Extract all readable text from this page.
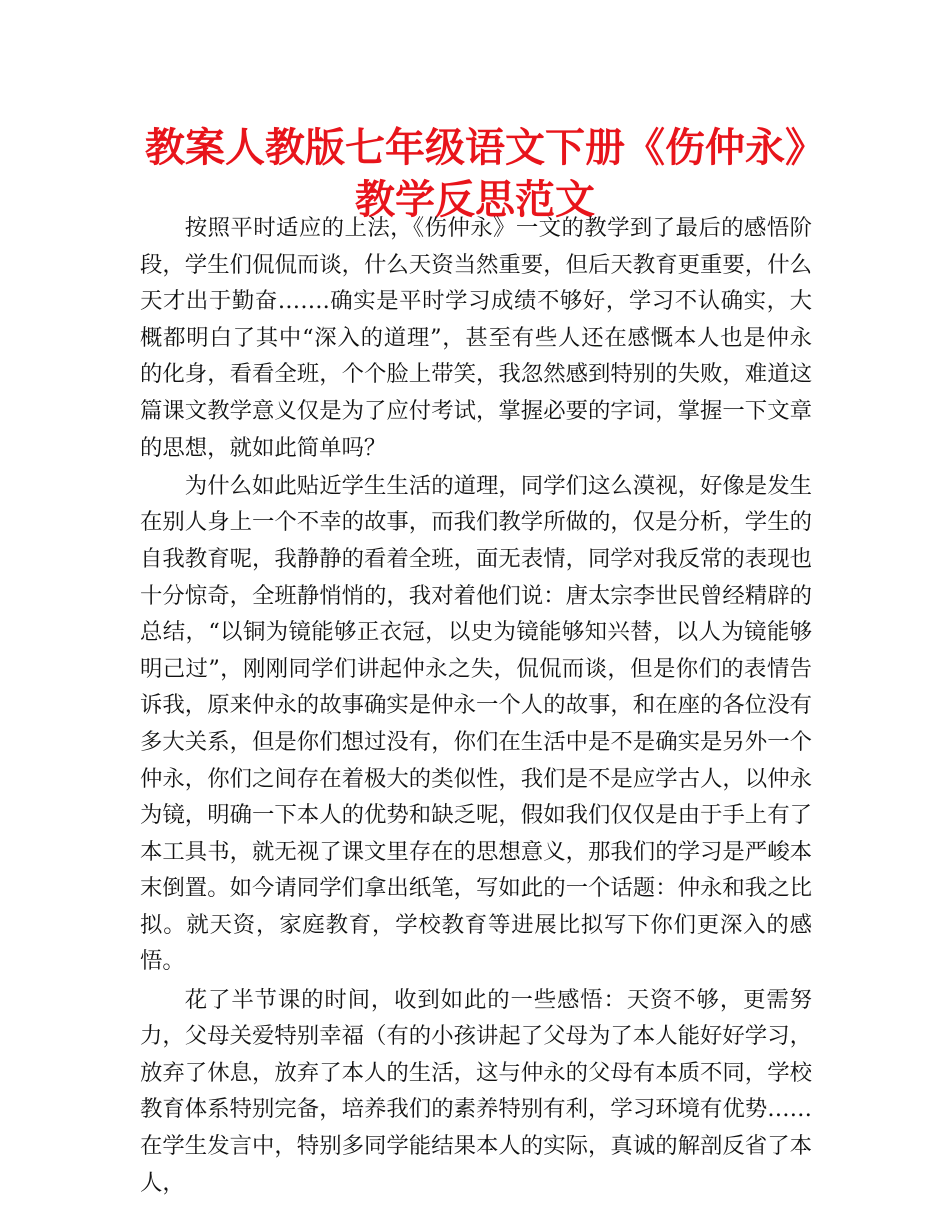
教案人教版七年级语文下册《伤仲永》教学反思范文

按照平时适应的上法，《伤仲永》一文的教学到了最后的感悟阶段，学生们侃侃而谈，什么天资当然重要，但后天教育更重要，什么天才出于勤奋…….确实是平时学习成绩不够好，学习不认确实，大概都明白了其中“深入的道理”，甚至有些人还在感慨本人也是仲永的化身，看看全班，个个脸上带笑，我忽然感到特别的失败，难道这篇课文教学意义仅是为了应付考试，掌握必要的字词，掌握一下文章的思想，就如此简单吗？

为什么如此贴近学生生活的道理，同学们这么漠视，好像是发生在别人身上一个不幸的故事，而我们教学所做的，仅是分析，学生的自我教育呢，我静静的看着全班，面无表情，同学对我反常的表现也十分惊奇，全班静悄悄的，我对着他们说：唐太宗李世民曾经精辟的总结，“以铜为镜能够正衣冠，以史为镜能够知兴替，以人为镜能够明己过”，刚刚同学们讲起仲永之失，侃侃而谈，但是你们的表情告诉我，原来仲永的故事确实是仲永一个人的故事，和在座的各位没有多大关系，但是你们想过没有，你们在生活中是不是确实是另外一个仲永，你们之间存在着极大的类似性，我们是不是应学古人，以仲永为镜，明确一下本人的优势和缺乏呢，假如我们仅仅是由于手上有了本工具书，就无视了课文里存在的思想意义，那我们的学习是严峻本末倒置。如今请同学们拿出纸笔，写如此的一个话题：仲永和我之比拟。就天资，家庭教育，学校教育等进展比拟写下你们更深入的感悟。

花了半节课的时间，收到如此的一些感悟：天资不够，更需努力，父母关爱特别幸福（有的小孩讲起了父母为了本人能好好学习，放弃了休息，放弃了本人的生活，这与仲永的父母有本质不同，学校教育体系特别完备，培养我们的素养特别有利，学习环境有优势……在学生发言中，特别多同学能结果本人的实际，真诚的解剖反省了本人，
